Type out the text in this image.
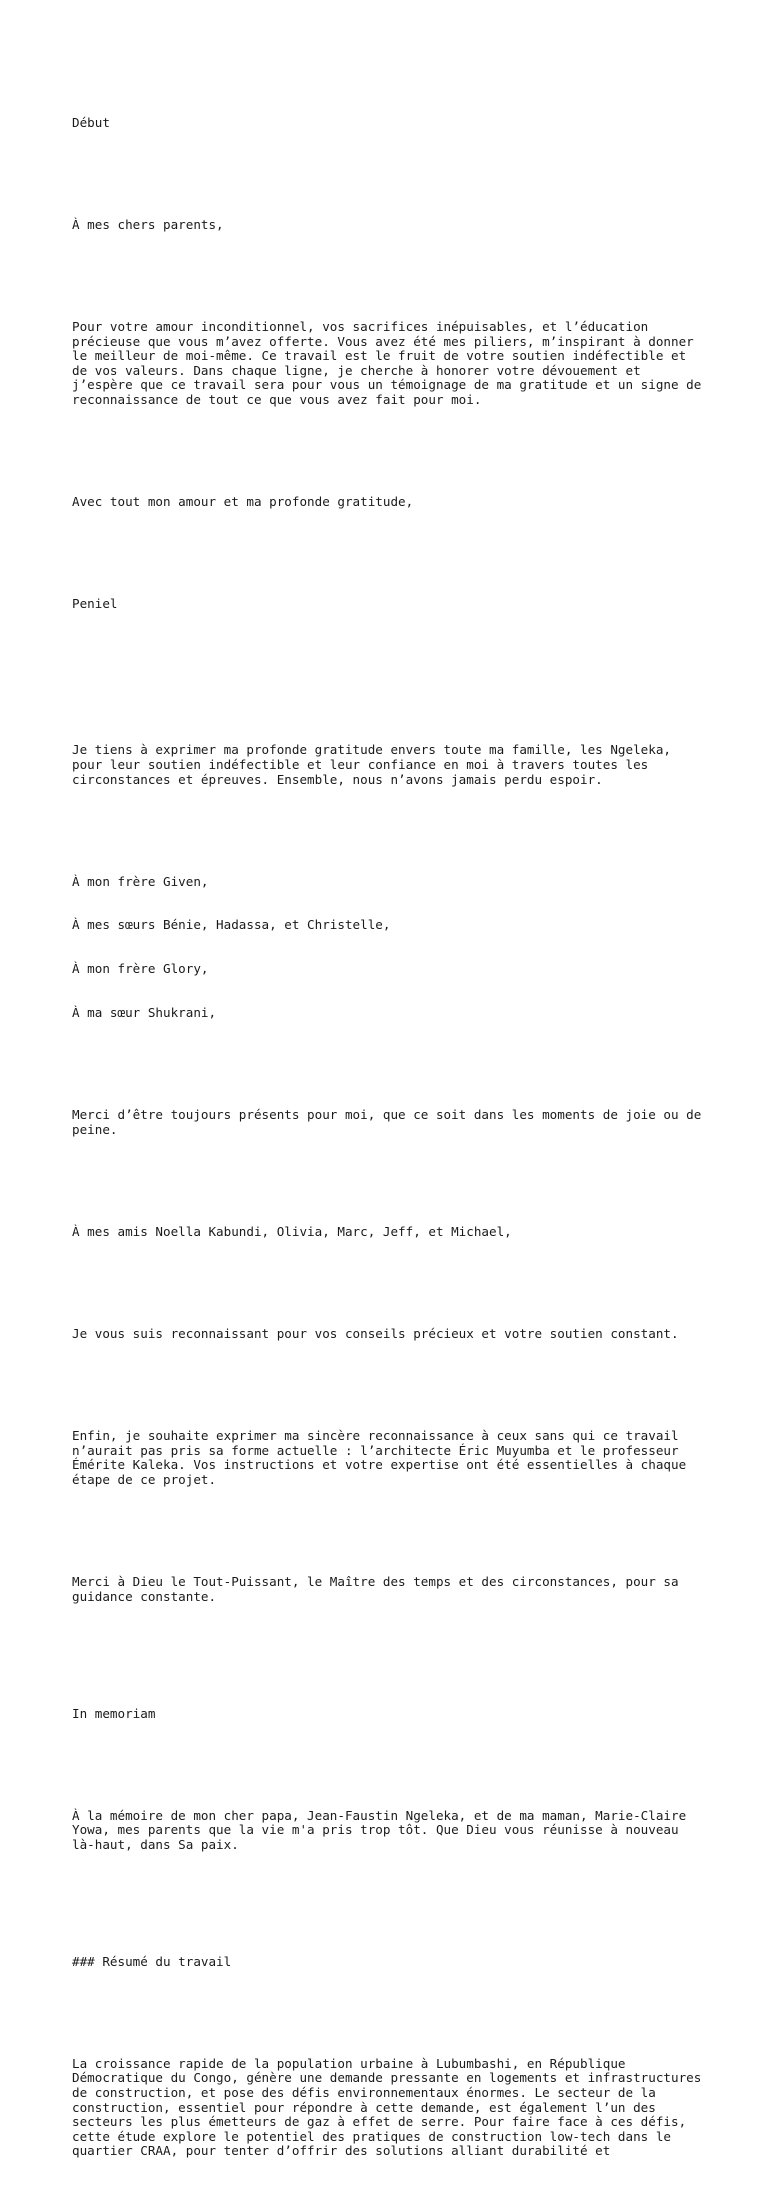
Début

À mes chers parents,

Pour votre amour inconditionnel, vos sacrifices inépuisables, et l’éducation
précieuse que vous m’avez offerte. Vous avez été mes piliers, m’inspirant à donner
le meilleur de moi-même. Ce travail est le fruit de votre soutien indéfectible et
de vos valeurs. Dans chaque ligne, je cherche à honorer votre dévouement et
j’espère que ce travail sera pour vous un témoignage de ma gratitude et un signe de
reconnaissance de tout ce que vous avez fait pour moi.

Avec tout mon amour et ma profonde gratitude,

Peniel

Je tiens à exprimer ma profonde gratitude envers toute ma famille, les Ngeleka,
pour leur soutien indéfectible et leur confiance en moi à travers toutes les
circonstances et épreuves. Ensemble, nous n’avons jamais perdu espoir.

À mon frère Given,

À mes sœurs Bénie, Hadassa, et Christelle,

À mon frère Glory,

À ma sœur Shukrani,

Merci d’être toujours présents pour moi, que ce soit dans les moments de joie ou de
peine.

À mes amis Noella Kabundi, Olivia, Marc, Jeff, et Michael,

Je vous suis reconnaissant pour vos conseils précieux et votre soutien constant.

Enfin, je souhaite exprimer ma sincère reconnaissance à ceux sans qui ce travail
n’aurait pas pris sa forme actuelle : l’architecte Éric Muyumba et le professeur
Émérite Kaleka. Vos instructions et votre expertise ont été essentielles à chaque
étape de ce projet.

Merci à Dieu le Tout-Puissant, le Maître des temps et des circonstances, pour sa
guidance constante.

In memoriam

À la mémoire de mon cher papa, Jean-Faustin Ngeleka, et de ma maman, Marie-Claire
Yowa, mes parents que la vie m'a pris trop tôt. Que Dieu vous réunisse à nouveau
là-haut, dans Sa paix.

### Résumé du travail

La croissance rapide de la population urbaine à Lubumbashi, en République
Démocratique du Congo, génère une demande pressante en logements et infrastructures
de construction, et pose des défis environnementaux énormes. Le secteur de la
construction, essentiel pour répondre à cette demande, est également l’un des
secteurs les plus émetteurs de gaz à effet de serre. Pour faire face à ces défis,
cette étude explore le potentiel des pratiques de construction low-tech dans le
quartier CRAA, pour tenter d’offrir des solutions alliant durabilité et
